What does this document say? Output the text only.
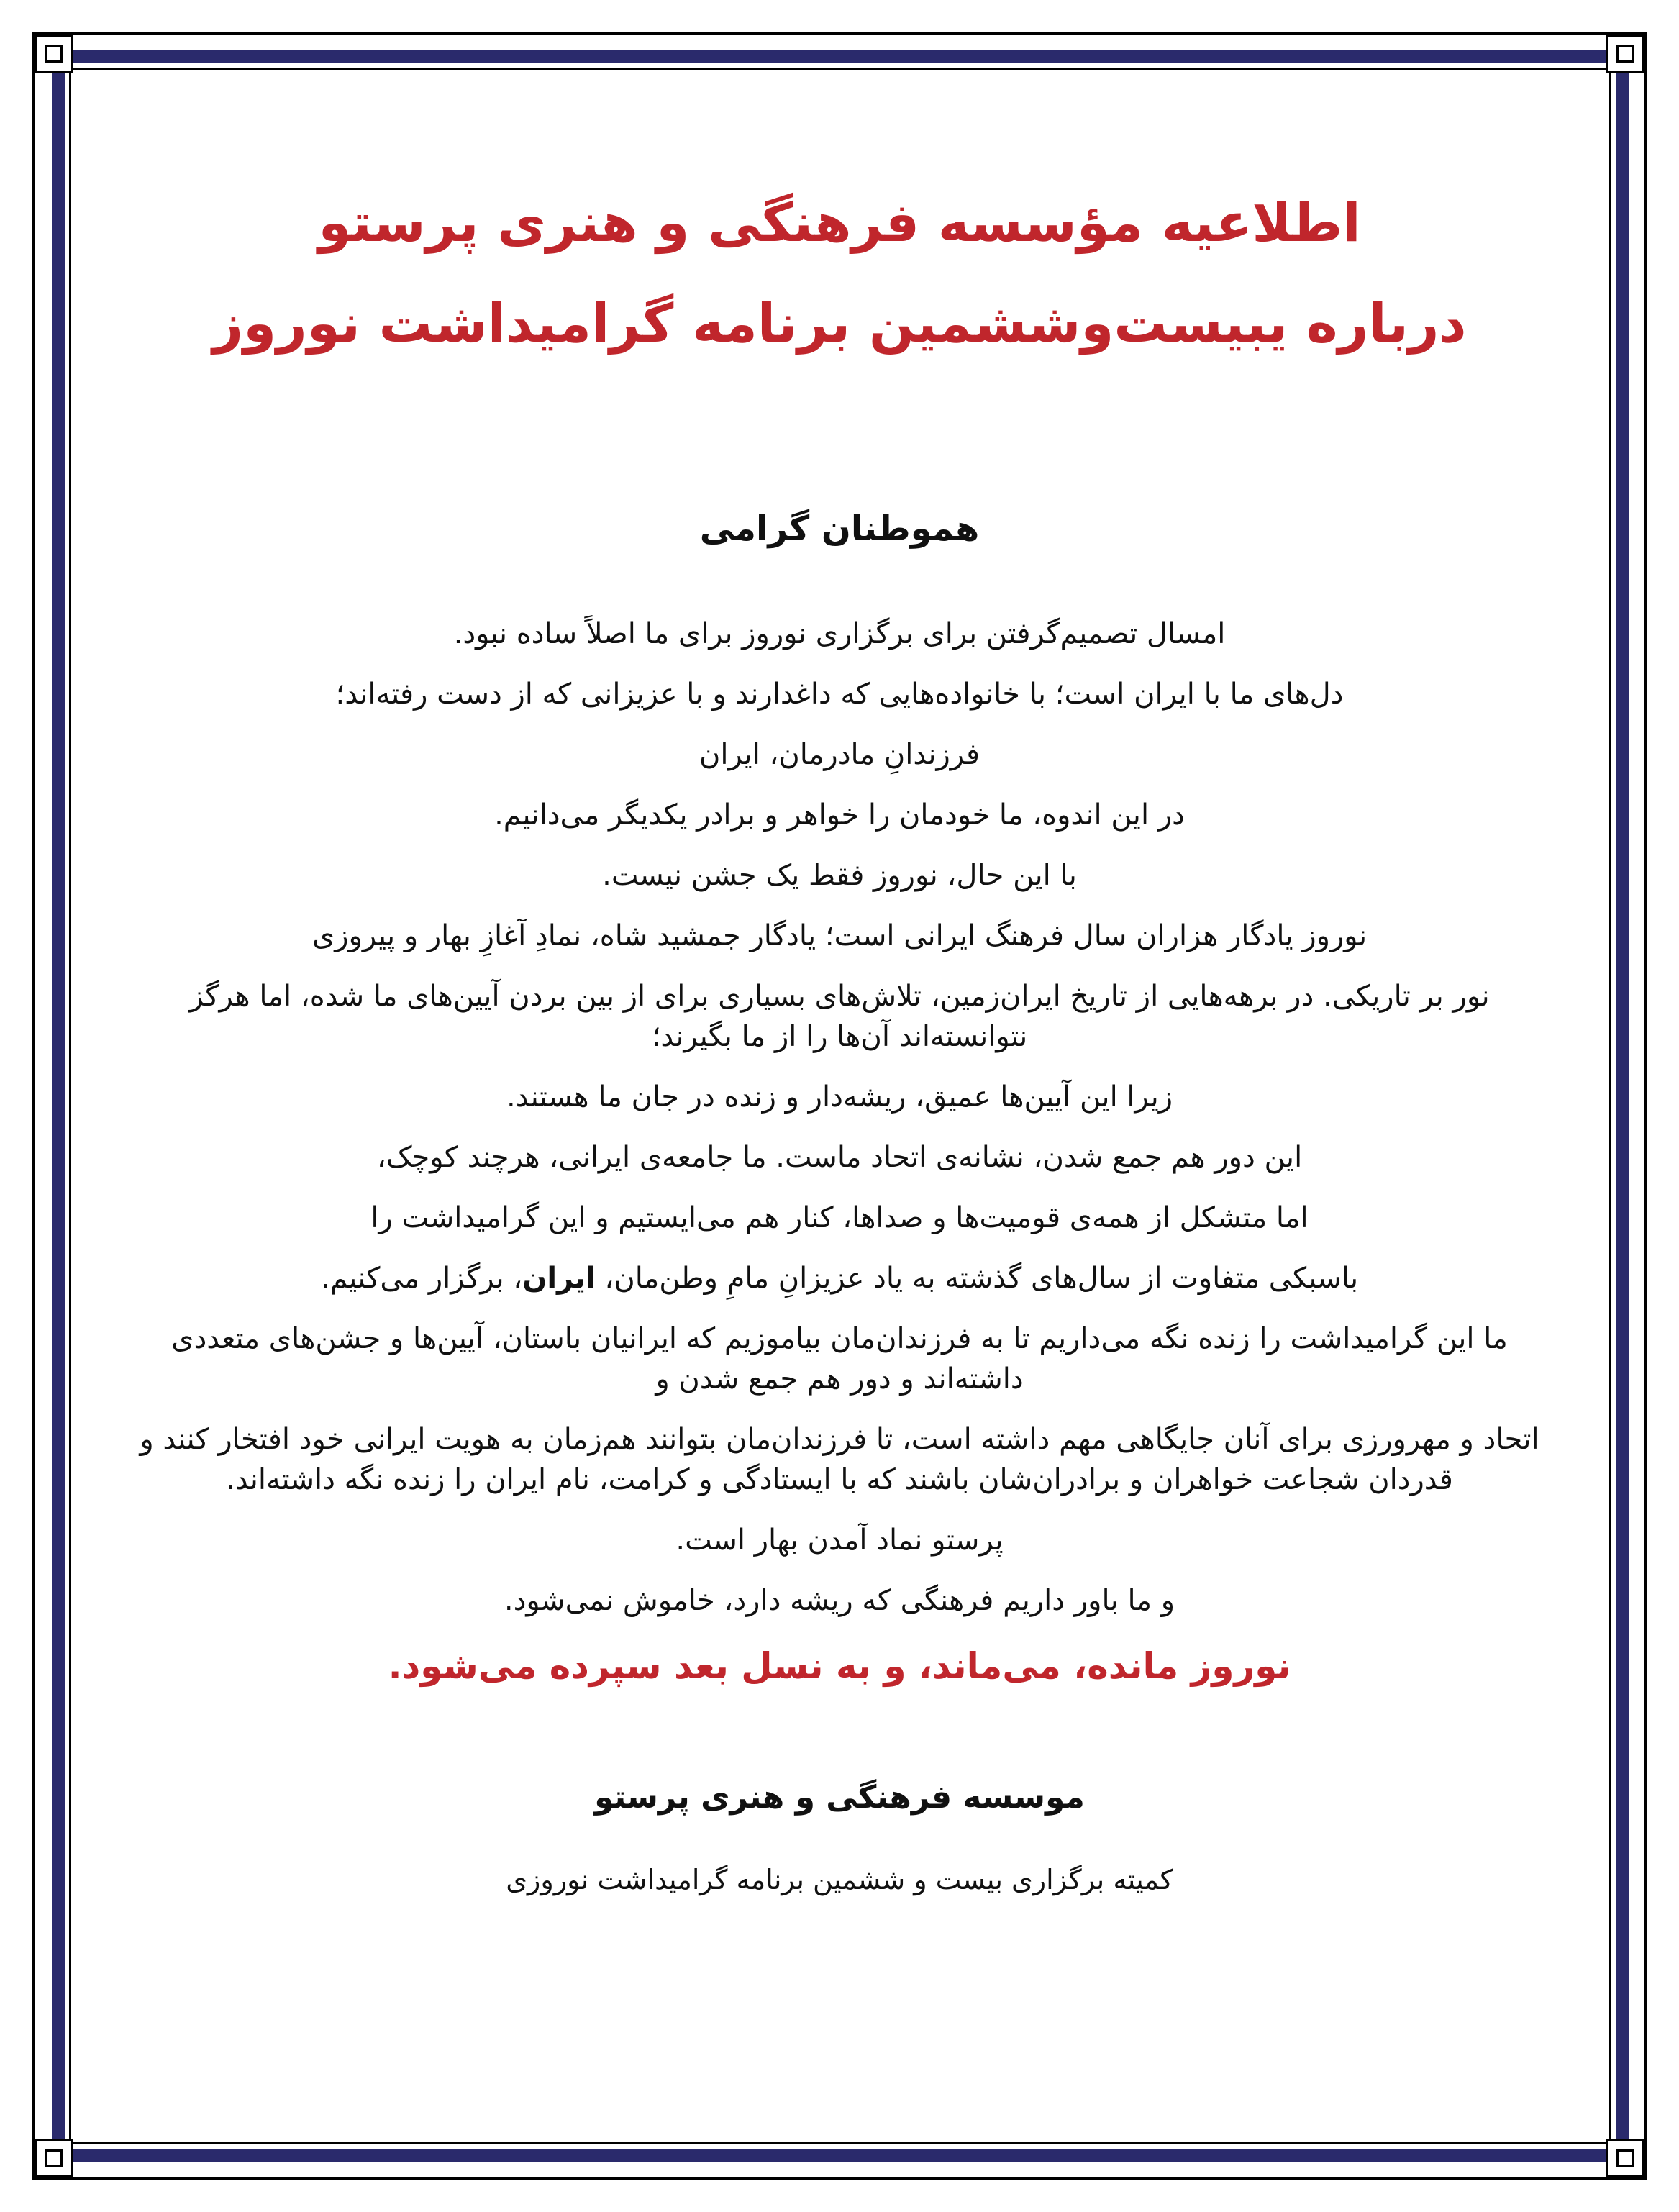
اطلاعیه مؤسسه فرهنگی و هنری پرستو
درباره یبیست‌وششمین برنامه گرامیداشت نوروز
هموطنان گرامی

امسال تصمیم‌گرفتن برای برگزاری نوروز برای ما اصلاً ساده نبود.

دل‌های ما با ایران است؛ با خانواده‌هایی که داغدارند و با عزیزانی که از دست رفته‌اند؛

فرزندانِ مادرمان، ایران

در این اندوه، ما خودمان را خواهر و برادر یکدیگر می‌دانیم.

با این حال، نوروز فقط یک جشن نیست.

نوروز یادگار هزاران سال فرهنگ ایرانی است؛ یادگار جمشید شاه، نمادِ آغازِ بهار و پیروزی

نور بر تاریکی. در برهه‌هایی از تاریخ ایران‌زمین، تلاش‌های بسیاری برای از بین بردن آیین‌های ما شده، اما هرگز نتوانسته‌اند آن‌ها را از ما بگیرند؛

زیرا این آیین‌ها عمیق، ریشه‌دار و زنده در جان ما هستند.

این دور هم جمع شدن، نشانه‌ی اتحاد ماست. ما جامعه‌ی ایرانی، هرچند کوچک،

اما متشکل از همه‌ی قومیت‌ها و صداها، کنار هم می‌ایستیم و این گرامیداشت را

باسبکی متفاوت از سال‌های گذشته به یاد عزیزانِ مامِ وطن‌مان، ایران، برگزار می‌کنیم.

ما این گرامیداشت را زنده نگه می‌داریم تا به فرزندان‌مان بیاموزیم که ایرانیان باستان، آیین‌ها و جشن‌های متعددی داشته‌اند و دور هم جمع شدن و

اتحاد و مهرورزی برای آنان جایگاهی مهم داشته است، تا فرزندان‌مان بتوانند هم‌زمان به هویت ایرانی خود افتخار کنند و قدردان شجاعت خواهران و برادران‌شان باشند که با ایستادگی و کرامت، نام ایران را زنده نگه داشته‌اند.

پرستو نماد آمدن بهار است.

و ما باور داریم فرهنگی که ریشه دارد، خاموش نمی‌شود.

نوروز مانده، می‌ماند، و به نسل بعد سپرده می‌شود.

موسسه فرهنگی و هنری پرستو

کمیته برگزاری بیست و ششمین برنامه گرامیداشت نوروزی
